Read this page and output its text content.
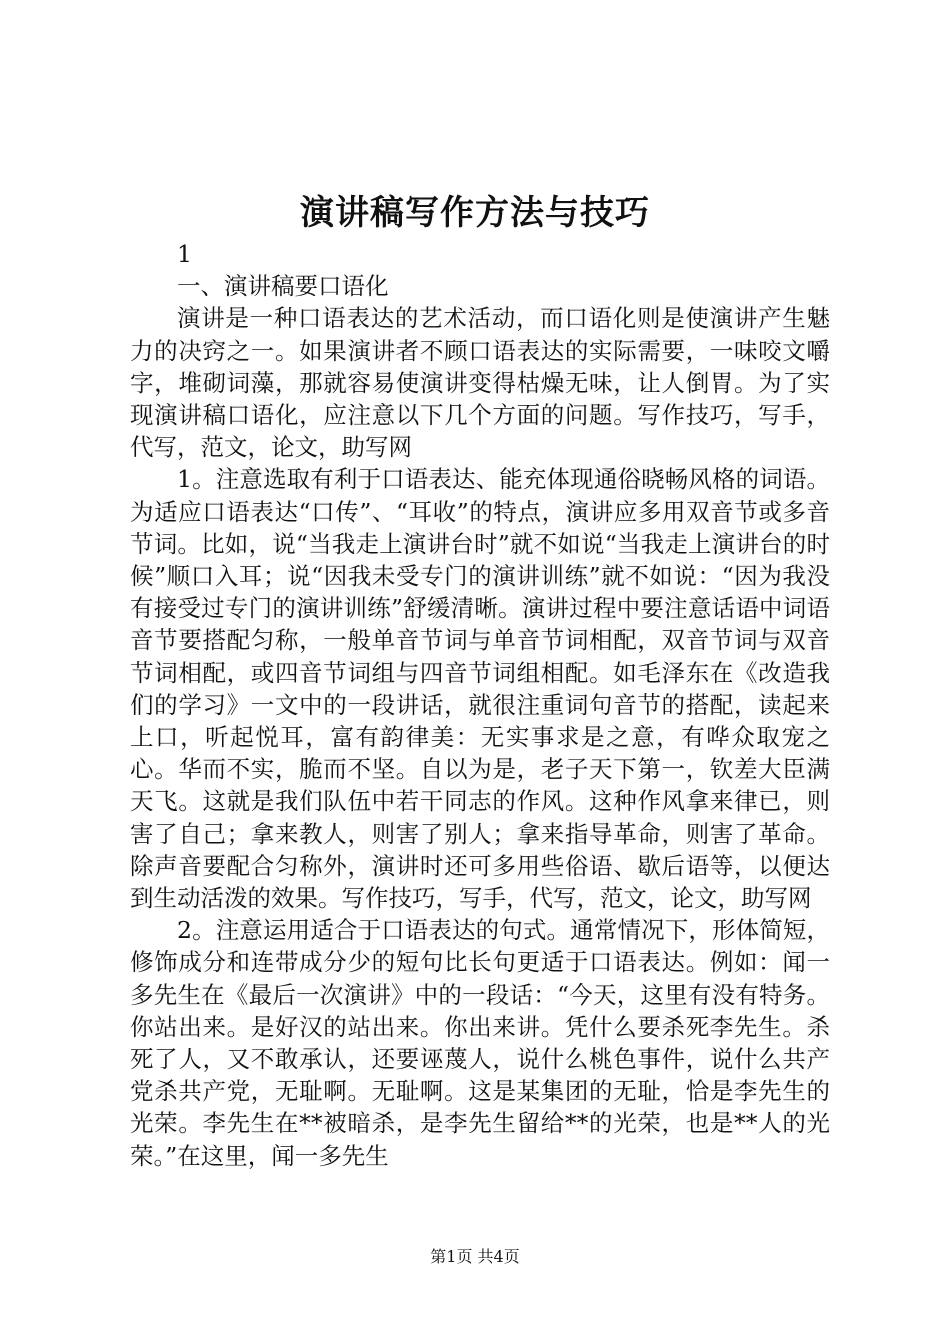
演讲稿写作方法与技巧

1

一、演讲稿要口语化

演讲是一种口语表达的艺术活动，而口语化则是使演讲产生魅力的决窍之一。如果演讲者不顾口语表达的实际需要，一味咬文嚼字，堆砌词藻，那就容易使演讲变得枯燥无味，让人倒胃。为了实现演讲稿口语化，应注意以下几个方面的问题。写作技巧，写手，代写，范文，论文，助写网

1。注意选取有利于口语表达、能充体现通俗晓畅风格的词语。为适应口语表达“口传”、“耳收”的特点，演讲应多用双音节或多音节词。比如，说“当我走上演讲台时”就不如说“当我走上演讲台的时候”顺口入耳；说“因我未受专门的演讲训练”就不如说：“因为我没有接受过专门的演讲训练”舒缓清晰。演讲过程中要注意话语中词语音节要搭配匀称，一般单音节词与单音节词相配，双音节词与双音节词相配，或四音节词组与四音节词组相配。如毛泽东在《改造我们的学习》一文中的一段讲话，就很注重词句音节的搭配，读起来上口，听起悦耳，富有韵律美：无实事求是之意，有哗众取宠之心。华而不实，脆而不坚。自以为是，老子天下第一，钦差大臣满天飞。这就是我们队伍中若干同志的作风。这种作风拿来律已，则害了自己；拿来教人，则害了别人；拿来指导革命，则害了革命。除声音要配合匀称外，演讲时还可多用些俗语、歇后语等，以便达到生动活泼的效果。写作技巧，写手，代写，范文，论文，助写网

2。注意运用适合于口语表达的句式。通常情况下，形体简短，修饰成分和连带成分少的短句比长句更适于口语表达。例如：闻一多先生在《最后一次演讲》中的一段话：“今天，这里有没有特务。你站出来。是好汉的站出来。你出来讲。凭什么要杀死李先生。杀死了人，又不敢承认，还要诬蔑人，说什么桃色事件，说什么共产党杀共产党，无耻啊。无耻啊。这是某集团的无耻，恰是李先生的光荣。李先生在**被暗杀，是李先生留给**的光荣，也是**人的光荣。”在这里，闻一多先生

第1页 共4页
